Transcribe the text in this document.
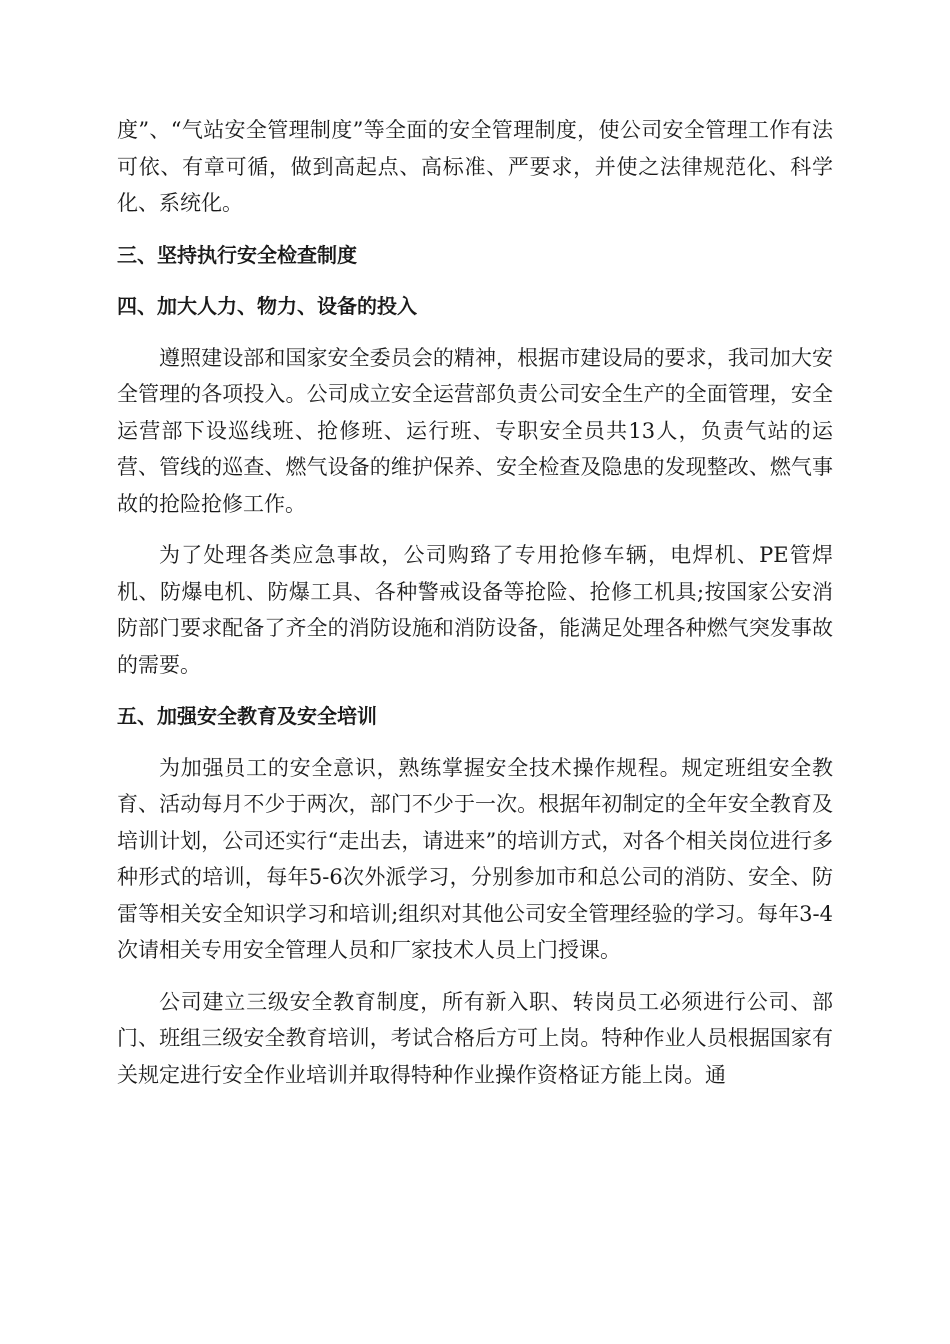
度”、“气站安全管理制度”等全面的安全管理制度，使公司安全管理工作有法可依、有章可循，做到高起点、高标准、严要求，并使之法律规范化、科学化、系统化。

三、坚持执行安全检查制度
四、加大人力、物力、设备的投入

遵照建设部和国家安全委员会的精神，根据市建设局的要求，我司加大安全管理的各项投入。公司成立安全运营部负责公司安全生产的全面管理，安全运营部下设巡线班、抢修班、运行班、专职安全员共13人，负责气站的运营、管线的巡查、燃气设备的维护保养、安全检查及隐患的发现整改、燃气事故的抢险抢修工作。

为了处理各类应急事故，公司购臵了专用抢修车辆，电焊机、PE管焊机、防爆电机、防爆工具、各种警戒设备等抢险、抢修工机具;按国家公安消防部门要求配备了齐全的消防设施和消防设备，能满足处理各种燃气突发事故的需要。

五、加强安全教育及安全培训

为加强员工的安全意识，熟练掌握安全技术操作规程。规定班组安全教育、活动每月不少于两次，部门不少于一次。根据年初制定的全年安全教育及培训计划，公司还实行“走出去，请进来”的培训方式，对各个相关岗位进行多种形式的培训，每年5-6次外派学习，分别参加市和总公司的消防、安全、防雷等相关安全知识学习和培训;组织对其他公司安全管理经验的学习。每年3-4次请相关专用安全管理人员和厂家技术人员上门授课。

公司建立三级安全教育制度，所有新入职、转岗员工必须进行公司、部门、班组三级安全教育培训，考试合格后方可上岗。特种作业人员根据国家有关规定进行安全作业培训并取得特种作业操作资格证方能上岗。通
